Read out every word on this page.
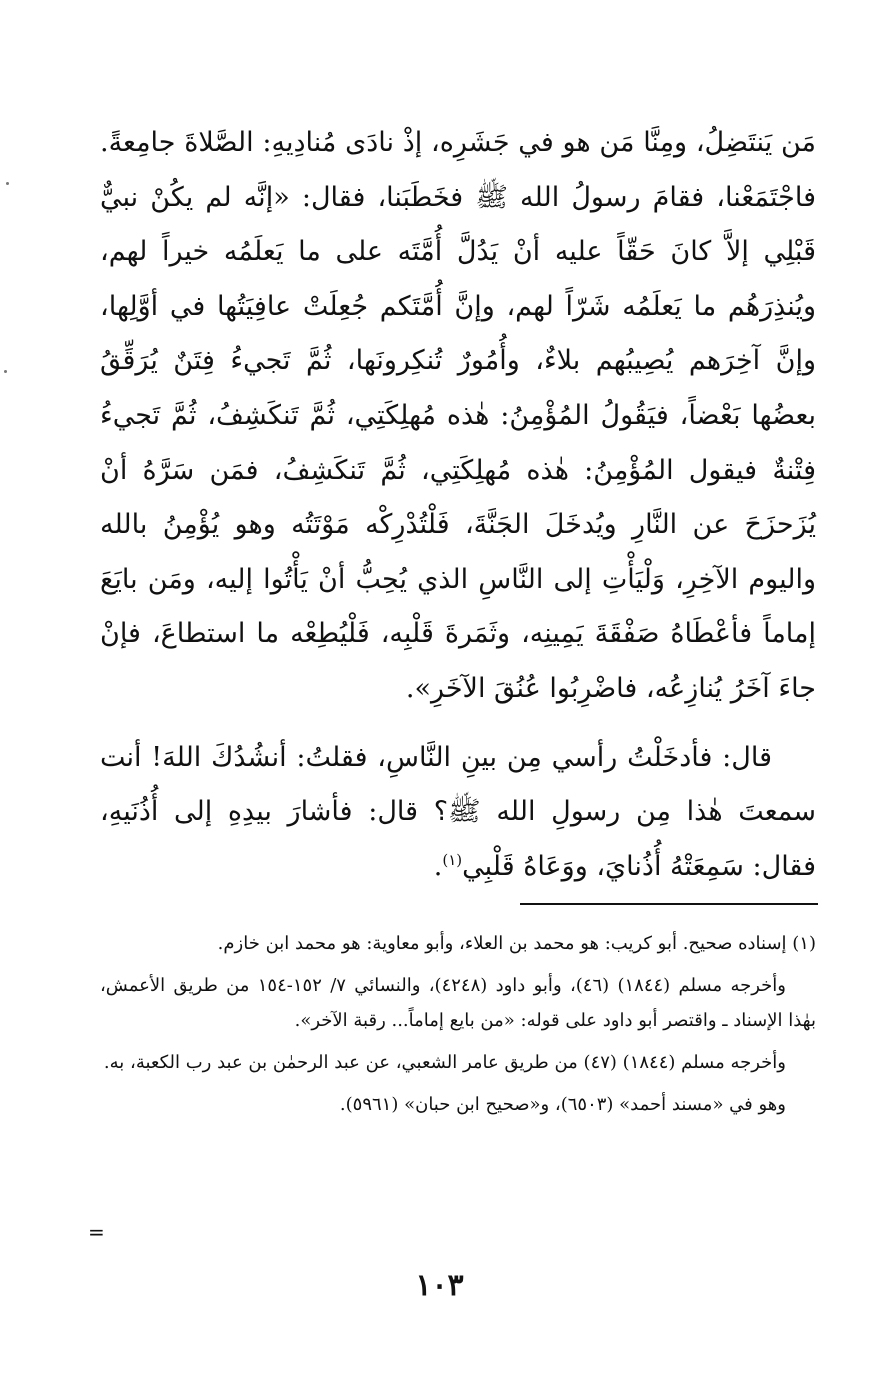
مَن يَنتَضِلُ، ومِنَّا مَن هو في جَشَرِه، إذْ نادَى مُنادِيهِ: الصَّلاةَ جامِعةً. فاجْتَمَعْنا، فقامَ رسولُ الله ﷺ فخَطَبَنا، فقال: «إنَّه لم يكُنْ نبيٌّ قَبْلِي إلاَّ كانَ حَقّاً عليه أنْ يَدُلَّ أُمَّتَه على ما يَعلَمُه خيراً لهم، ويُنذِرَهُم ما يَعلَمُه شَرّاً لهم، وإنَّ أُمَّتَكم جُعِلَتْ عافِيَتُها في أوَّلِها، وإنَّ آخِرَهم يُصِيبُهم بلاءٌ، وأُمُورٌ تُنكِرونَها، ثُمَّ تَجيءُ فِتَنٌ يُرَقِّقُ بعضُها بَعْضاً، فيَقُولُ المُؤْمِنُ: هٰذه مُهلِكَتِي، ثُمَّ تَنكَشِفُ، ثُمَّ تَجيءُ فِتْنةٌ فيقول المُؤْمِنُ: هٰذه مُهلِكَتِي، ثُمَّ تَنكَشِفُ، فمَن سَرَّهُ أنْ يُزَحزَحَ عن النَّارِ ويُدخَلَ الجَنَّةَ، فَلْتُدْرِكْه مَوْتَتُه وهو يُؤْمِنُ بالله واليوم الآخِرِ، وَلْيَأْتِ إلى النَّاسِ الذي يُحِبُّ أنْ يَأْتُوا إليه، ومَن بايَعَ إماماً فأعْطَاهُ صَفْقَةَ يَمِينِه، وثَمَرةَ قَلْبِه، فَلْيُطِعْه ما استطاعَ، فإنْ جاءَ آخَرُ يُنازِعُه، فاضْرِبُوا عُنُقَ الآخَرِ».

قال: فأدخَلْتُ رأسي مِن بينِ النَّاسِ، فقلتُ: أنشُدُكَ اللهَ! أنت سمعتَ هٰذا مِن رسولِ الله ﷺ؟ قال: فأشارَ بيدِهِ إلى أُذُنَيهِ، فقال: سَمِعَتْهُ أُذُنايَ، ووَعَاهُ قَلْبِي$^{(١)}$.

(١) إسناده صحيح. أبو كريب: هو محمد بن العلاء، وأبو معاوية: هو محمد ابن خازم.

وأخرجه مسلم (١٨٤٤) (٤٦)، وأبو داود (٤٢٤٨)، والنسائي ٧/ ١٥٢-١٥٤ من طريق الأعمش، بهٰذا الإسناد ـ واقتصر أبو داود على قوله: «من بايع إماماً... رقبة الآخر».

وأخرجه مسلم (١٨٤٤) (٤٧) من طريق عامر الشعبي، عن عبد الرحمٰن بن عبد رب الكعبة، به.

وهو في «مسند أحمد» (٦٥٠٣)، و«صحيح ابن حبان» (٥٩٦١).

=
١٠٣
